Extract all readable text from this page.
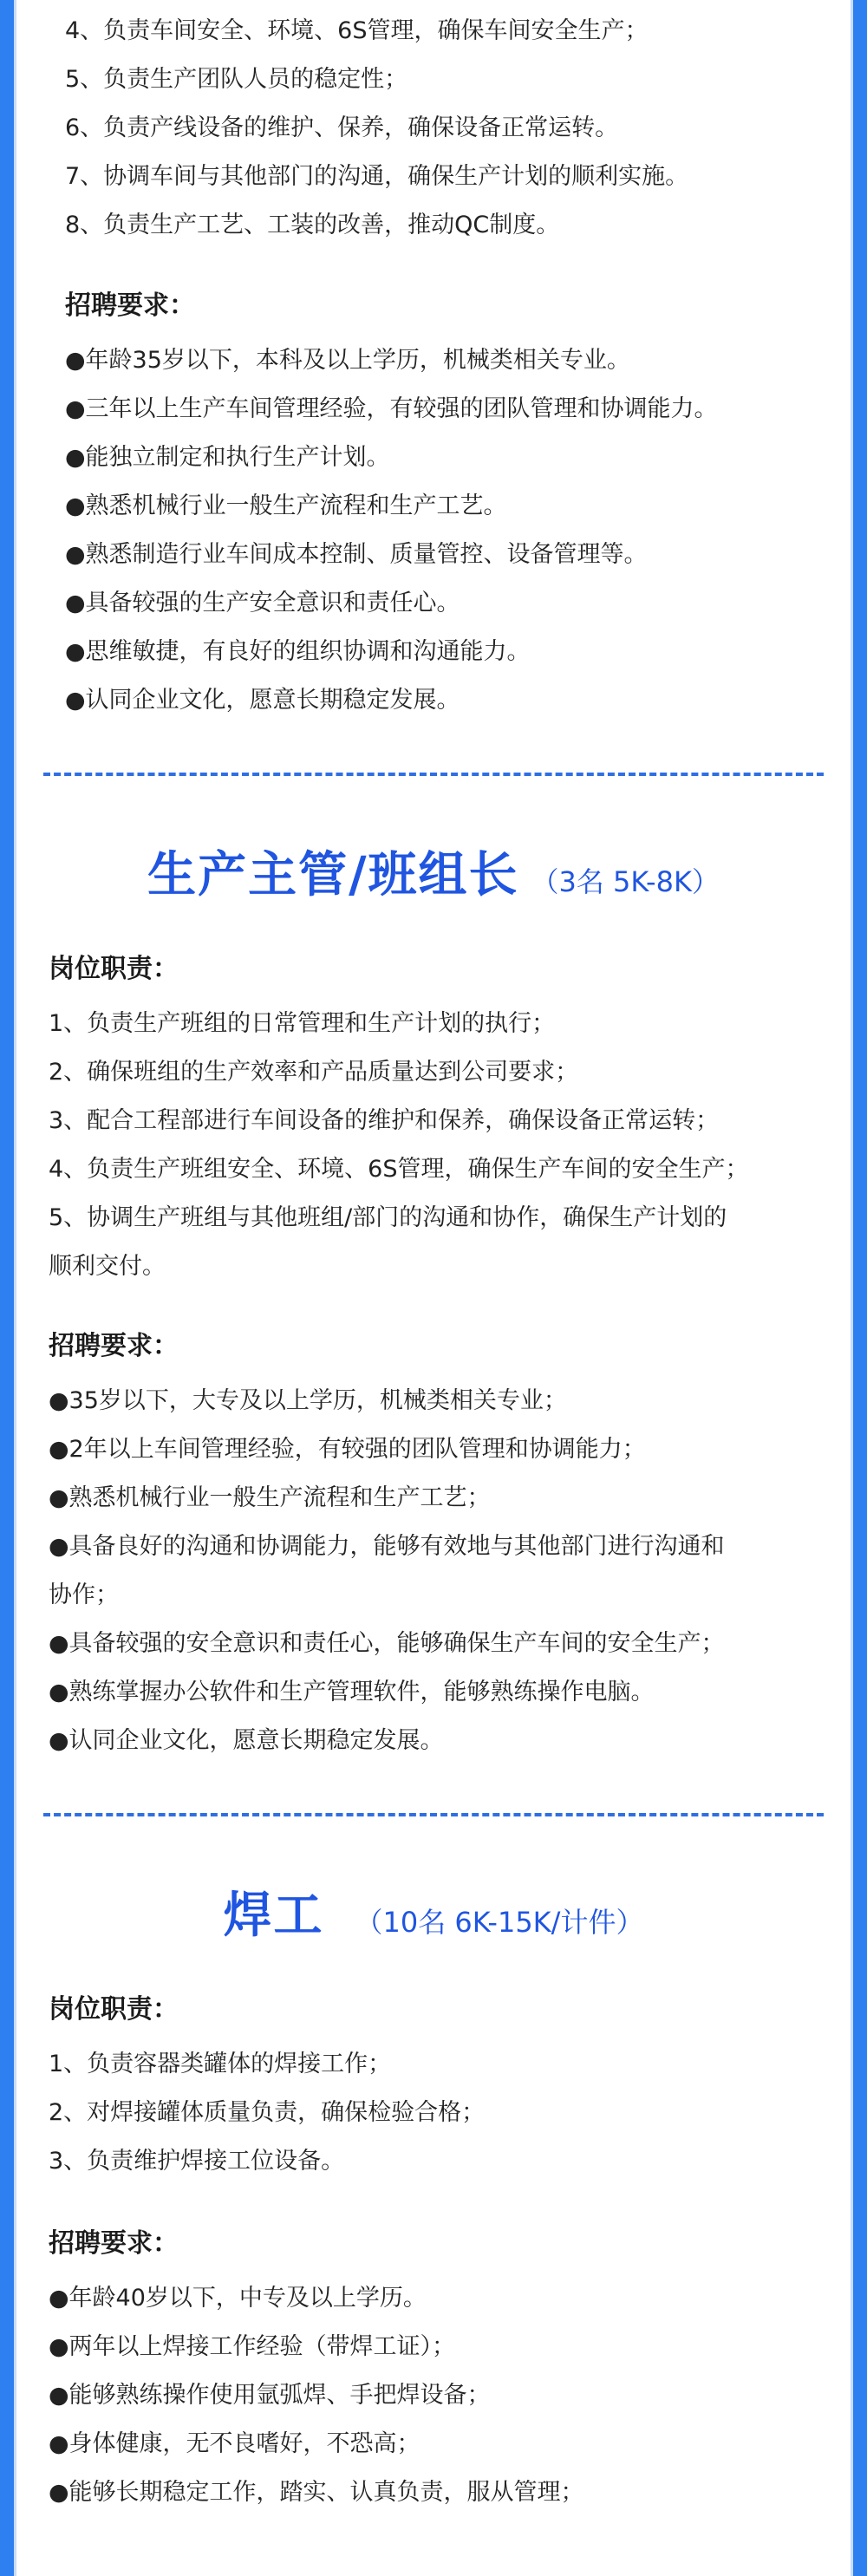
4、负责车间安全、环境、6S管理，确保车间安全生产；
5、负责生产团队人员的稳定性；
6、负责产线设备的维护、保养，确保设备正常运转。
7、协调车间与其他部门的沟通，确保生产计划的顺利实施。
8、负责生产工艺、工装的改善，推动QC制度。
招聘要求：
●年龄35岁以下，本科及以上学历，机械类相关专业。
●三年以上生产车间管理经验，有较强的团队管理和协调能力。
●能独立制定和执行生产计划。
●熟悉机械行业一般生产流程和生产工艺。
●熟悉制造行业车间成本控制、质量管控、设备管理等。
●具备较强的生产安全意识和责任心。
●思维敏捷，有良好的组织协调和沟通能力。
●认同企业文化，愿意长期稳定发展。
生产主管/班组长 （3名 5K-8K）
岗位职责：
1、负责生产班组的日常管理和生产计划的执行；
2、确保班组的生产效率和产品质量达到公司要求；
3、配合工程部进行车间设备的维护和保养，确保设备正常运转；
4、负责生产班组安全、环境、6S管理，确保生产车间的安全生产；
5、协调生产班组与其他班组/部门的沟通和协作，确保生产计划的
顺利交付。
招聘要求：
●35岁以下，大专及以上学历，机械类相关专业；
●2年以上车间管理经验，有较强的团队管理和协调能力；
●熟悉机械行业一般生产流程和生产工艺；
●具备良好的沟通和协调能力，能够有效地与其他部门进行沟通和
协作；
●具备较强的安全意识和责任心，能够确保生产车间的安全生产；
●熟练掌握办公软件和生产管理软件，能够熟练操作电脑。
●认同企业文化，愿意长期稳定发展。
焊工 （10名 6K-15K/计件）
岗位职责：
1、负责容器类罐体的焊接工作；
2、对焊接罐体质量负责，确保检验合格；
3、负责维护焊接工位设备。
招聘要求：
●年龄40岁以下，中专及以上学历。
●两年以上焊接工作经验（带焊工证）；
●能够熟练操作使用氩弧焊、手把焊设备；
●身体健康，无不良嗜好，不恐高；
●能够长期稳定工作，踏实、认真负责，服从管理；
